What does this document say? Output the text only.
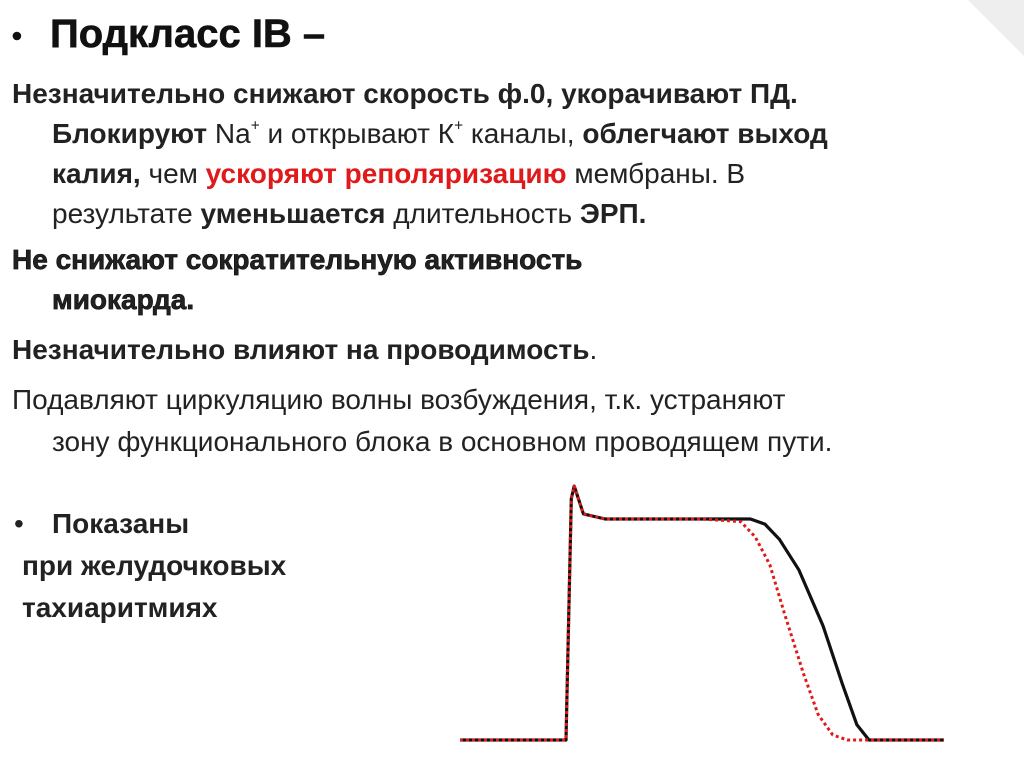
• Подкласс IB –
Незначительно снижают скорость ф.0, укорачивают ПД.
Блокируют Na+ и открывают К+ каналы, облегчают выход
калия, чем ускоряют реполяризацию мембраны. В
результате уменьшается длительность ЭРП.
Не снижают сократительную активность
миокарда.
Незначительно влияют на проводимость.
Подавляют циркуляцию волны возбуждения, т.к. устраняют
зону функционального блока в основном проводящем пути.
• Показаны
при желудочковых
тахиаритмиях
